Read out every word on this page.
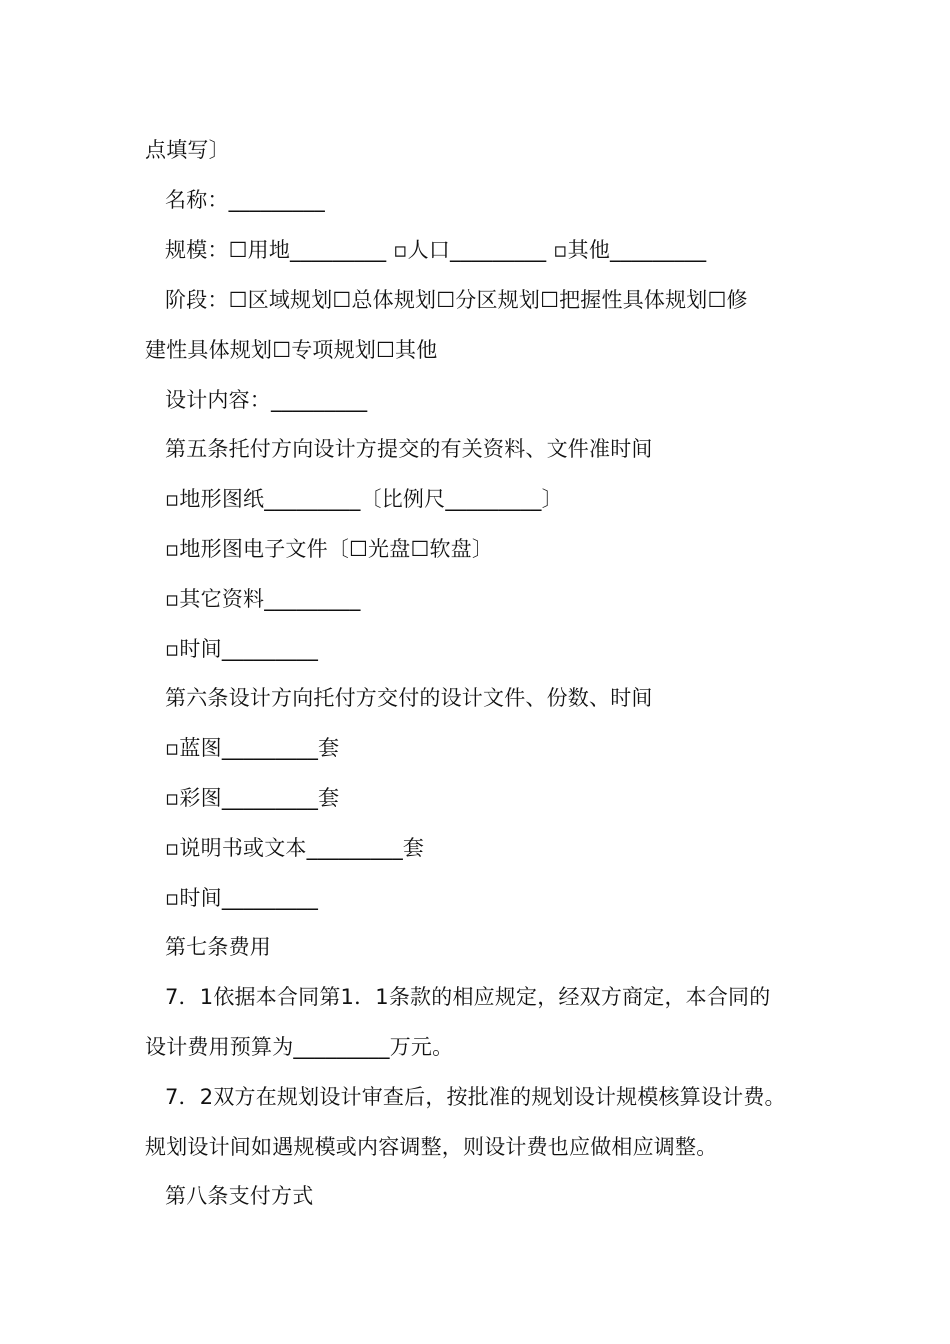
点填写〕
名称：_________
规模：☐用地_________ ▫人口_________ ▫其他_________
阶段：☐区域规划☐总体规划☐分区规划☐把握性具体规划☐修
建性具体规划☐专项规划☐其他
设计内容：_________
第五条托付方向设计方提交的有关资料、文件准时间
▫地形图纸_________〔比例尺_________〕
▫地形图电子文件〔☐光盘☐软盘〕
▫其它资料_________
▫时间_________
第六条设计方向托付方交付的设计文件、份数、时间
▫蓝图_________套
▫彩图_________套
▫说明书或文本_________套
▫时间_________
第七条费用
7．1依据本合同第1．1条款的相应规定，经双方商定，本合同的
设计费用预算为_________万元。
7．2双方在规划设计审查后，按批准的规划设计规模核算设计费。
规划设计间如遇规模或内容调整，则设计费也应做相应调整。
第八条支付方式
